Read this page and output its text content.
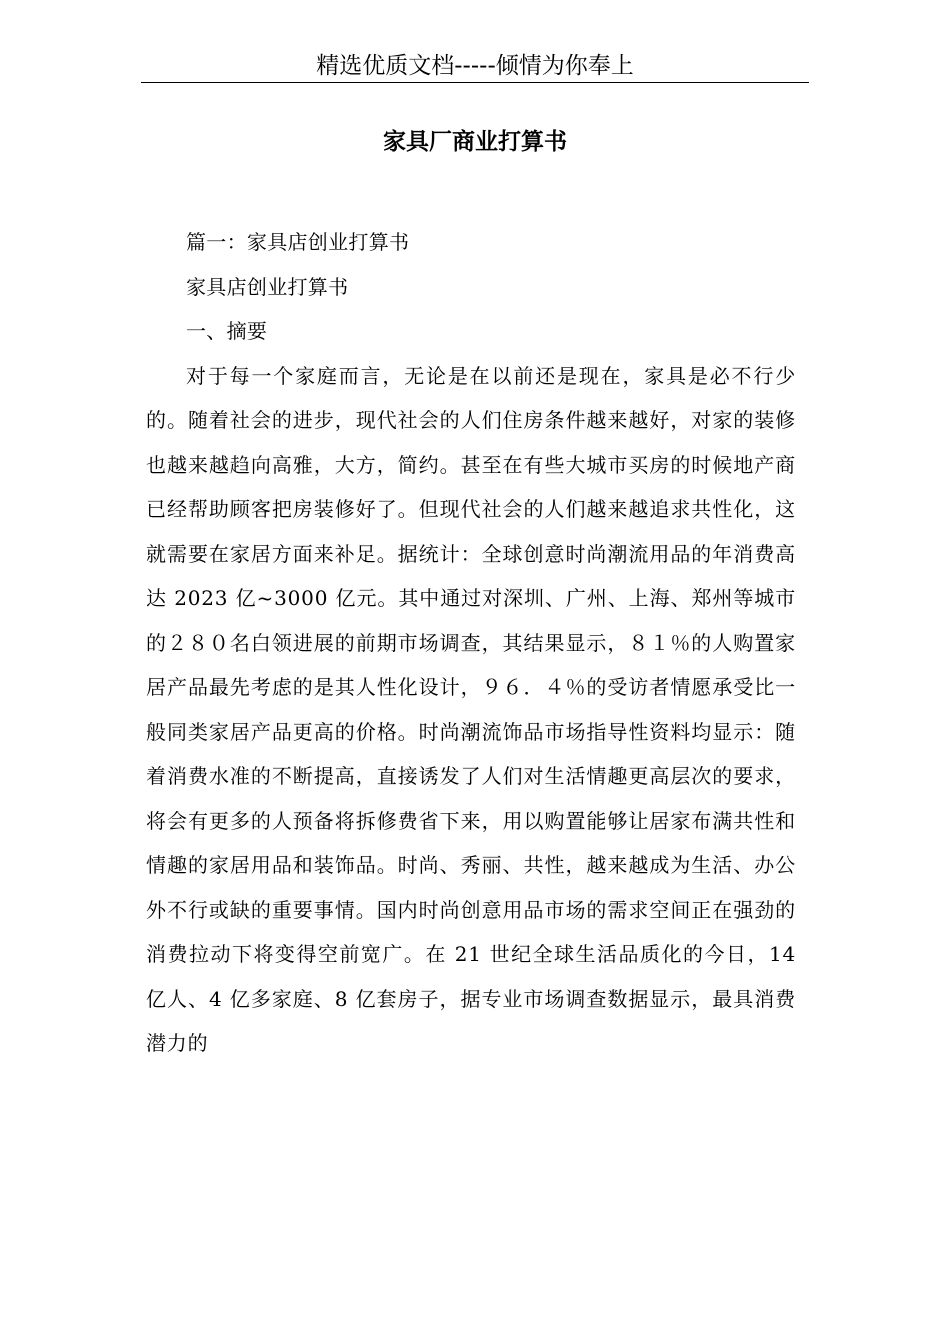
精选优质文档-----倾情为你奉上
家具厂商业打算书

篇一：家具店创业打算书

家具店创业打算书

一、摘要

对于每一个家庭而言，无论是在以前还是现在，家具是必不行少的。随着社会的进步，现代社会的人们住房条件越来越好，对家的装修也越来越趋向高雅，大方，简约。甚至在有些大城市买房的时候地产商已经帮助顾客把房装修好了。但现代社会的人们越来越追求共性化，这就需要在家居方面来补足。据统计：全球创意时尚潮流用品的年消费高达 2023 亿~3000 亿元。其中通过对深圳、广州、上海、郑州等城市的２８０名白领进展的前期市场调查，其结果显示，８１％的人购置家居产品最先考虑的是其人性化设计，９６．４％的受访者情愿承受比一般同类家居产品更高的价格。时尚潮流饰品市场指导性资料均显示：随着消费水准的不断提高，直接诱发了人们对生活情趣更高层次的要求，将会有更多的人预备将拆修费省下来，用以购置能够让居家布满共性和情趣的家居用品和装饰品。时尚、秀丽、共性，越来越成为生活、办公外不行或缺的重要事情。国内时尚创意用品市场的需求空间正在强劲的消费拉动下将变得空前宽广。在 21 世纪全球生活品质化的今日，14 亿人、4 亿多家庭、8 亿套房子，据专业市场调查数据显示，最具消费潜力的
